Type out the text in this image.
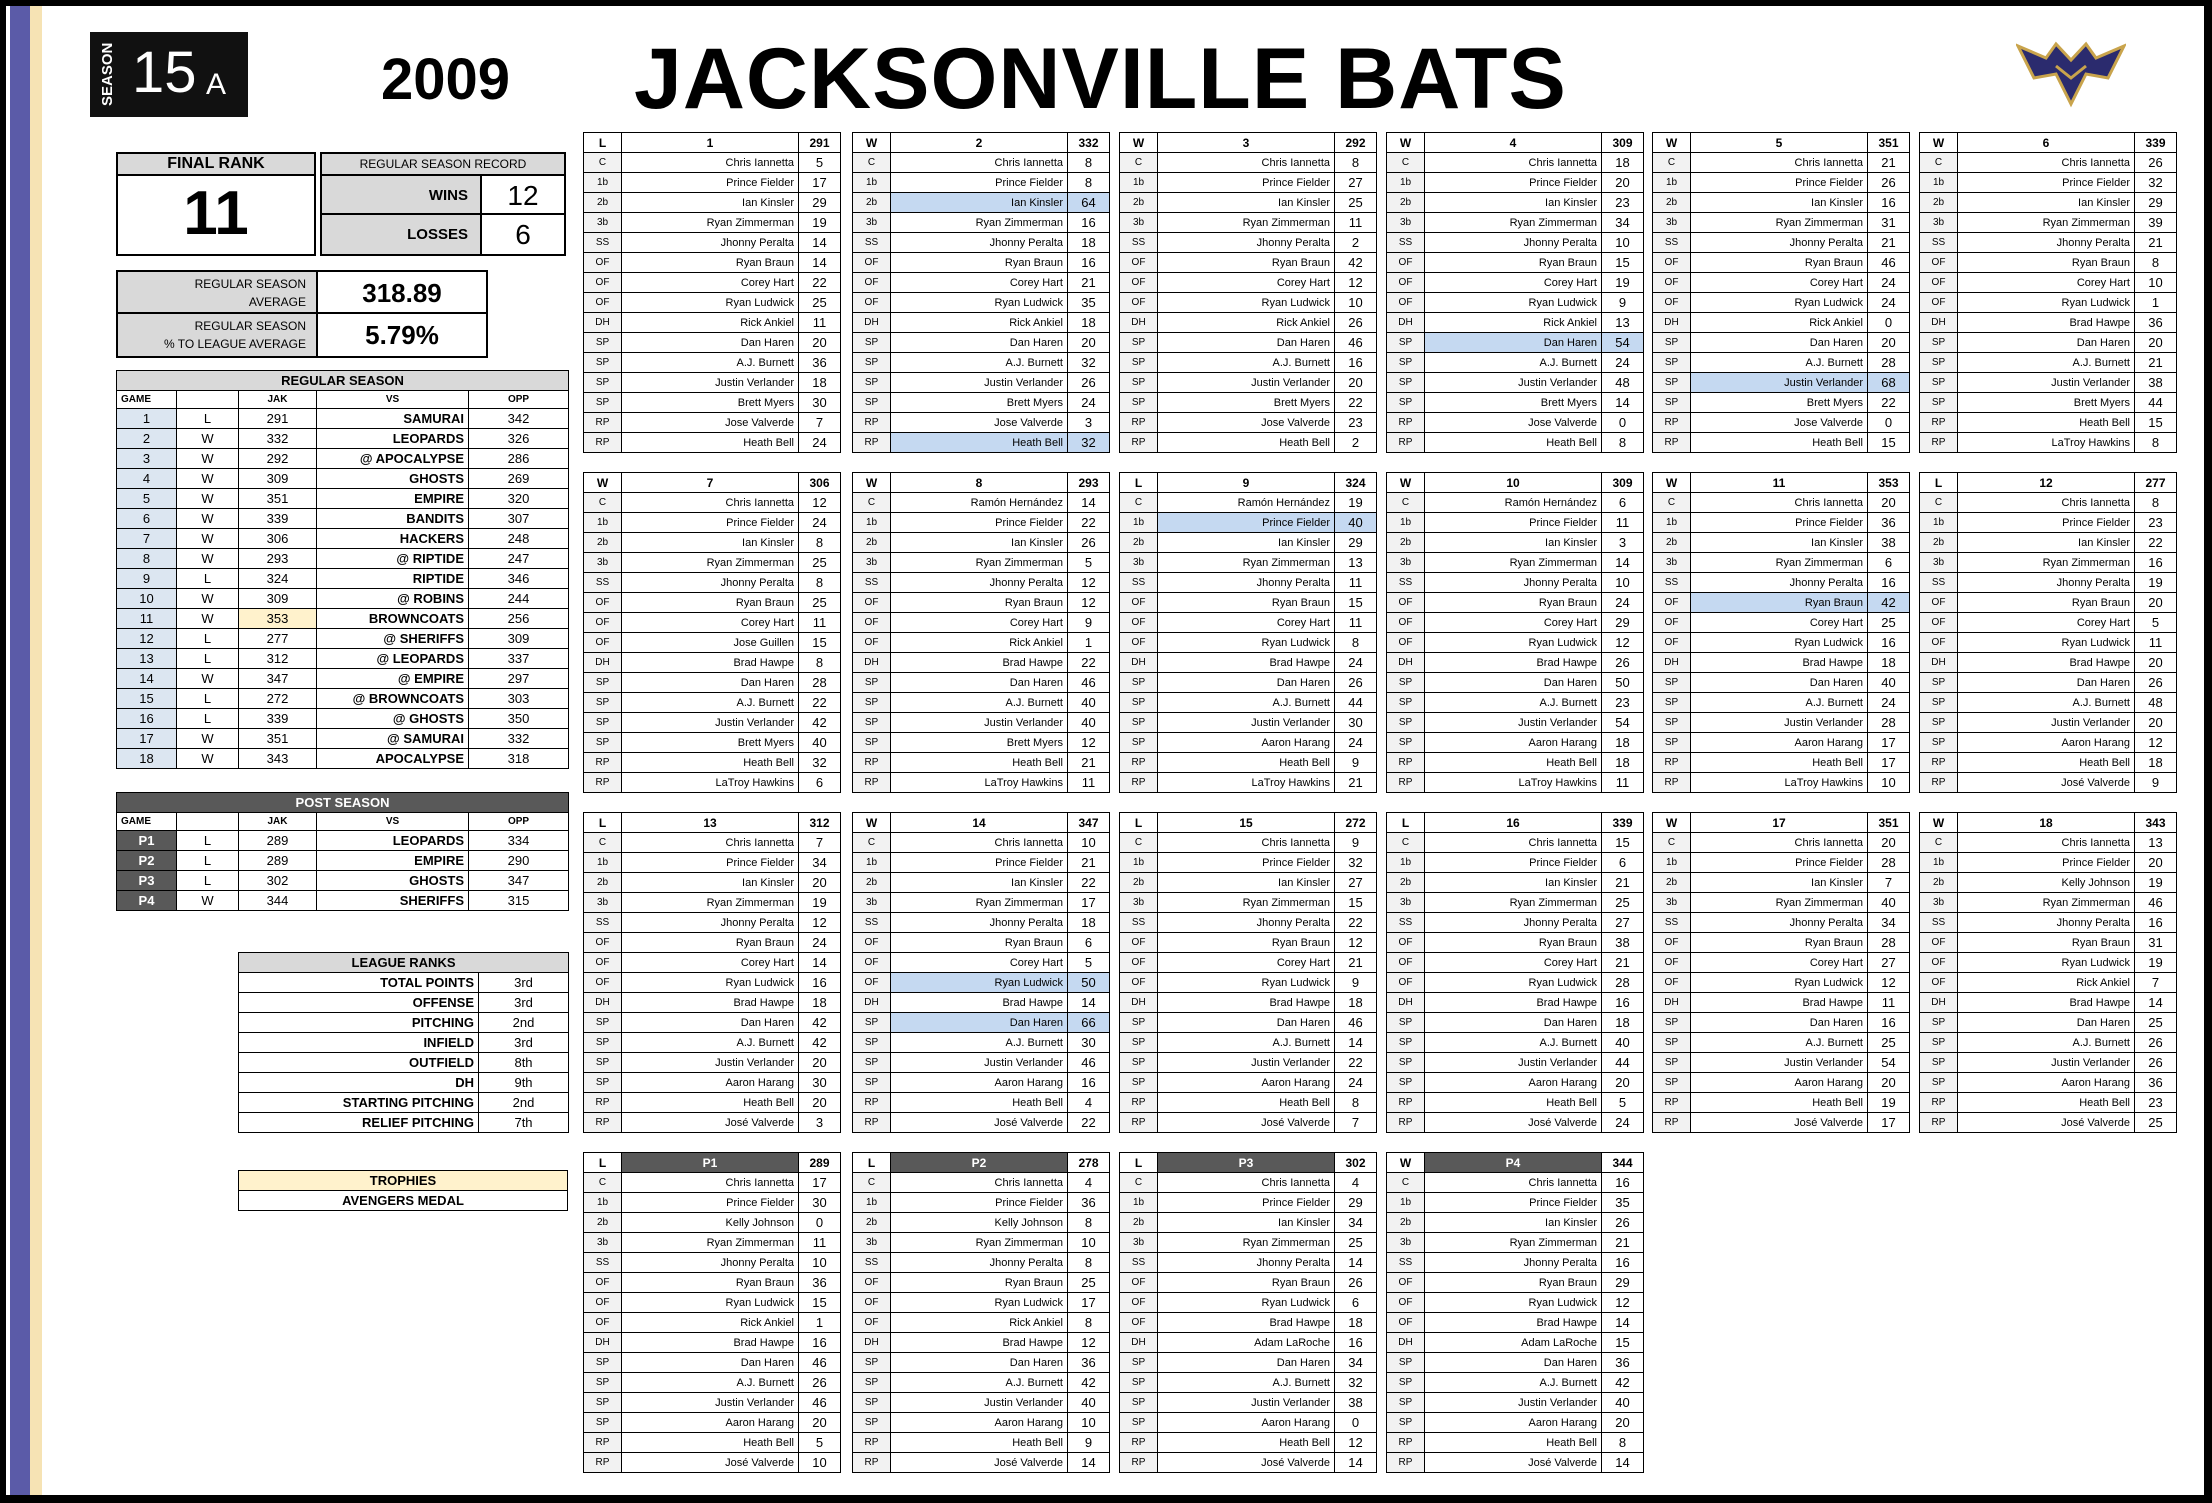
SEASON 15 A	2009 JACKSONVILLE BATS
FINAL RANK
11
REGULAR SEASON RECORD
WINS	12
LOSSES	6
REGULAR SEASON
AVERAGE	318.89
REGULAR SEASON
% TO LEAGUE AVERAGE	5.79%
REGULAR SEASON				
GAME		JAK	VS	OPP
1	L	291	SAMURAI	342
2	W	332	LEOPARDS	326
3	W	292	@ APOCALYPSE	286
4	W	309	GHOSTS	269
5	W	351	EMPIRE	320
6	W	339	BANDITS	307
7	W	306	HACKERS	248
8	W	293	@ RIPTIDE	247
9	L	324	RIPTIDE	346
10	W	309	@ ROBINS	244
11	W	353	BROWNCOATS	256
12	L	277	@ SHERIFFS	309
13	L	312	@ LEOPARDS	337
14	W	347	@ EMPIRE	297
15	L	272	@ BROWNCOATS	303
16	L	339	@ GHOSTS	350
17	W	351	@ SAMURAI	332
18	W	343	APOCALYPSE	318
POST SEASON				
GAME		JAK	VS	OPP
P1	L	289	LEOPARDS	334
P2	L	289	EMPIRE	290
P3	L	302	GHOSTS	347
P4	W	344	SHERIFFS	315
LEAGUE RANKS	
TOTAL POINTS	3rd
OFFENSE	3rd
PITCHING	2nd
INFIELD	3rd
OUTFIELD	8th
DH	9th
STARTING PITCHING	2nd
RELIEF PITCHING	7th
TROPHIES
AVENGERS MEDAL
L	1	291
C	Chris Iannetta	5
1b	Prince Fielder	17
2b	Ian Kinsler	29
3b	Ryan Zimmerman	19
SS	Jhonny Peralta	14
OF	Ryan Braun	14
OF	Corey Hart	22
OF	Ryan Ludwick	25
DH	Rick Ankiel	11
SP	Dan Haren	20
SP	A.J. Burnett	36
SP	Justin Verlander	18
SP	Brett Myers	30
RP	Jose Valverde	7
RP	Heath Bell	24
W	2	332
C	Chris Iannetta	8
1b	Prince Fielder	8
2b	Ian Kinsler	64
3b	Ryan Zimmerman	16
SS	Jhonny Peralta	18
OF	Ryan Braun	16
OF	Corey Hart	21
OF	Ryan Ludwick	35
DH	Rick Ankiel	18
SP	Dan Haren	20
SP	A.J. Burnett	32
SP	Justin Verlander	26
SP	Brett Myers	24
RP	Jose Valverde	3
RP	Heath Bell	32
W	3	292
C	Chris Iannetta	8
1b	Prince Fielder	27
2b	Ian Kinsler	25
3b	Ryan Zimmerman	11
SS	Jhonny Peralta	2
OF	Ryan Braun	42
OF	Corey Hart	12
OF	Ryan Ludwick	10
DH	Rick Ankiel	26
SP	Dan Haren	46
SP	A.J. Burnett	16
SP	Justin Verlander	20
SP	Brett Myers	22
RP	Jose Valverde	23
RP	Heath Bell	2
W	4	309
C	Chris Iannetta	18
1b	Prince Fielder	20
2b	Ian Kinsler	23
3b	Ryan Zimmerman	34
SS	Jhonny Peralta	10
OF	Ryan Braun	15
OF	Corey Hart	19
OF	Ryan Ludwick	9
DH	Rick Ankiel	13
SP	Dan Haren	54
SP	A.J. Burnett	24
SP	Justin Verlander	48
SP	Brett Myers	14
RP	Jose Valverde	0
RP	Heath Bell	8
W	5	351
C	Chris Iannetta	21
1b	Prince Fielder	26
2b	Ian Kinsler	16
3b	Ryan Zimmerman	31
SS	Jhonny Peralta	21
OF	Ryan Braun	46
OF	Corey Hart	24
OF	Ryan Ludwick	24
DH	Rick Ankiel	0
SP	Dan Haren	20
SP	A.J. Burnett	28
SP	Justin Verlander	68
SP	Brett Myers	22
RP	Jose Valverde	0
RP	Heath Bell	15
W	6	339
C	Chris Iannetta	26
1b	Prince Fielder	32
2b	Ian Kinsler	29
3b	Ryan Zimmerman	39
SS	Jhonny Peralta	21
OF	Ryan Braun	8
OF	Corey Hart	10
OF	Ryan Ludwick	1
DH	Brad Hawpe	36
SP	Dan Haren	20
SP	A.J. Burnett	21
SP	Justin Verlander	38
SP	Brett Myers	44
RP	Heath Bell	15
RP	LaTroy Hawkins	8
W	7	306
C	Chris Iannetta	12
1b	Prince Fielder	24
2b	Ian Kinsler	8
3b	Ryan Zimmerman	25
SS	Jhonny Peralta	8
OF	Ryan Braun	25
OF	Corey Hart	11
OF	Jose Guillen	15
DH	Brad Hawpe	8
SP	Dan Haren	28
SP	A.J. Burnett	22
SP	Justin Verlander	42
SP	Brett Myers	40
RP	Heath Bell	32
RP	LaTroy Hawkins	6
W	8	293
C	Ramón Hernández	14
1b	Prince Fielder	22
2b	Ian Kinsler	26
3b	Ryan Zimmerman	5
SS	Jhonny Peralta	12
OF	Ryan Braun	12
OF	Corey Hart	9
OF	Rick Ankiel	1
DH	Brad Hawpe	22
SP	Dan Haren	46
SP	A.J. Burnett	40
SP	Justin Verlander	40
SP	Brett Myers	12
RP	Heath Bell	21
RP	LaTroy Hawkins	11
L	9	324
C	Ramón Hernández	19
1b	Prince Fielder	40
2b	Ian Kinsler	29
3b	Ryan Zimmerman	13
SS	Jhonny Peralta	11
OF	Ryan Braun	15
OF	Corey Hart	11
OF	Ryan Ludwick	8
DH	Brad Hawpe	24
SP	Dan Haren	26
SP	A.J. Burnett	44
SP	Justin Verlander	30
SP	Aaron Harang	24
RP	Heath Bell	9
RP	LaTroy Hawkins	21
W	10	309
C	Ramón Hernández	6
1b	Prince Fielder	11
2b	Ian Kinsler	3
3b	Ryan Zimmerman	14
SS	Jhonny Peralta	10
OF	Ryan Braun	24
OF	Corey Hart	29
OF	Ryan Ludwick	12
DH	Brad Hawpe	26
SP	Dan Haren	50
SP	A.J. Burnett	23
SP	Justin Verlander	54
SP	Aaron Harang	18
RP	Heath Bell	18
RP	LaTroy Hawkins	11
W	11	353
C	Chris Iannetta	20
1b	Prince Fielder	36
2b	Ian Kinsler	38
3b	Ryan Zimmerman	6
SS	Jhonny Peralta	16
OF	Ryan Braun	42
OF	Corey Hart	25
OF	Ryan Ludwick	16
DH	Brad Hawpe	18
SP	Dan Haren	40
SP	A.J. Burnett	24
SP	Justin Verlander	28
SP	Aaron Harang	17
RP	Heath Bell	17
RP	LaTroy Hawkins	10
L	12	277
C	Chris Iannetta	8
1b	Prince Fielder	23
2b	Ian Kinsler	22
3b	Ryan Zimmerman	16
SS	Jhonny Peralta	19
OF	Ryan Braun	20
OF	Corey Hart	5
OF	Ryan Ludwick	11
DH	Brad Hawpe	20
SP	Dan Haren	26
SP	A.J. Burnett	48
SP	Justin Verlander	20
SP	Aaron Harang	12
RP	Heath Bell	18
RP	José Valverde	9
L	13	312
C	Chris Iannetta	7
1b	Prince Fielder	34
2b	Ian Kinsler	20
3b	Ryan Zimmerman	19
SS	Jhonny Peralta	12
OF	Ryan Braun	24
OF	Corey Hart	14
OF	Ryan Ludwick	16
DH	Brad Hawpe	18
SP	Dan Haren	42
SP	A.J. Burnett	42
SP	Justin Verlander	20
SP	Aaron Harang	30
RP	Heath Bell	20
RP	José Valverde	3
W	14	347
C	Chris Iannetta	10
1b	Prince Fielder	21
2b	Ian Kinsler	22
3b	Ryan Zimmerman	17
SS	Jhonny Peralta	18
OF	Ryan Braun	6
OF	Corey Hart	5
OF	Ryan Ludwick	50
DH	Brad Hawpe	14
SP	Dan Haren	66
SP	A.J. Burnett	30
SP	Justin Verlander	46
SP	Aaron Harang	16
RP	Heath Bell	4
RP	José Valverde	22
L	15	272
C	Chris Iannetta	9
1b	Prince Fielder	32
2b	Ian Kinsler	27
3b	Ryan Zimmerman	15
SS	Jhonny Peralta	22
OF	Ryan Braun	12
OF	Corey Hart	21
OF	Ryan Ludwick	9
DH	Brad Hawpe	18
SP	Dan Haren	46
SP	A.J. Burnett	14
SP	Justin Verlander	22
SP	Aaron Harang	24
RP	Heath Bell	8
RP	José Valverde	7
L	16	339
C	Chris Iannetta	15
1b	Prince Fielder	6
2b	Ian Kinsler	21
3b	Ryan Zimmerman	25
SS	Jhonny Peralta	27
OF	Ryan Braun	38
OF	Corey Hart	21
OF	Ryan Ludwick	28
DH	Brad Hawpe	16
SP	Dan Haren	18
SP	A.J. Burnett	40
SP	Justin Verlander	44
SP	Aaron Harang	20
RP	Heath Bell	5
RP	José Valverde	24
W	17	351
C	Chris Iannetta	20
1b	Prince Fielder	28
2b	Ian Kinsler	7
3b	Ryan Zimmerman	40
SS	Jhonny Peralta	34
OF	Ryan Braun	28
OF	Corey Hart	27
OF	Ryan Ludwick	12
DH	Brad Hawpe	11
SP	Dan Haren	16
SP	A.J. Burnett	25
SP	Justin Verlander	54
SP	Aaron Harang	20
RP	Heath Bell	19
RP	José Valverde	17
W	18	343
C	Chris Iannetta	13
1b	Prince Fielder	20
2b	Kelly Johnson	19
3b	Ryan Zimmerman	46
SS	Jhonny Peralta	16
OF	Ryan Braun	31
OF	Ryan Ludwick	19
OF	Rick Ankiel	7
DH	Brad Hawpe	14
SP	Dan Haren	25
SP	A.J. Burnett	26
SP	Justin Verlander	26
SP	Aaron Harang	36
RP	Heath Bell	23
RP	José Valverde	25
L	P1	289
C	Chris Iannetta	17
1b	Prince Fielder	30
2b	Kelly Johnson	0
3b	Ryan Zimmerman	11
SS	Jhonny Peralta	10
OF	Ryan Braun	36
OF	Ryan Ludwick	15
OF	Rick Ankiel	1
DH	Brad Hawpe	16
SP	Dan Haren	46
SP	A.J. Burnett	26
SP	Justin Verlander	46
SP	Aaron Harang	20
RP	Heath Bell	5
RP	José Valverde	10
L	P2	278
C	Chris Iannetta	4
1b	Prince Fielder	36
2b	Kelly Johnson	8
3b	Ryan Zimmerman	10
SS	Jhonny Peralta	8
OF	Ryan Braun	25
OF	Ryan Ludwick	17
OF	Rick Ankiel	8
DH	Brad Hawpe	12
SP	Dan Haren	36
SP	A.J. Burnett	42
SP	Justin Verlander	40
SP	Aaron Harang	10
RP	Heath Bell	9
RP	José Valverde	14
L	P3	302
C	Chris Iannetta	4
1b	Prince Fielder	29
2b	Ian Kinsler	34
3b	Ryan Zimmerman	25
SS	Jhonny Peralta	14
OF	Ryan Braun	26
OF	Ryan Ludwick	6
OF	Brad Hawpe	18
DH	Adam LaRoche	16
SP	Dan Haren	34
SP	A.J. Burnett	32
SP	Justin Verlander	38
SP	Aaron Harang	0
RP	Heath Bell	12
RP	José Valverde	14
W	P4	344
C	Chris Iannetta	16
1b	Prince Fielder	35
2b	Ian Kinsler	26
3b	Ryan Zimmerman	21
SS	Jhonny Peralta	16
OF	Ryan Braun	29
OF	Ryan Ludwick	12
OF	Brad Hawpe	14
DH	Adam LaRoche	15
SP	Dan Haren	36
SP	A.J. Burnett	42
SP	Justin Verlander	40
SP	Aaron Harang	20
RP	Heath Bell	8
RP	José Valverde	14
